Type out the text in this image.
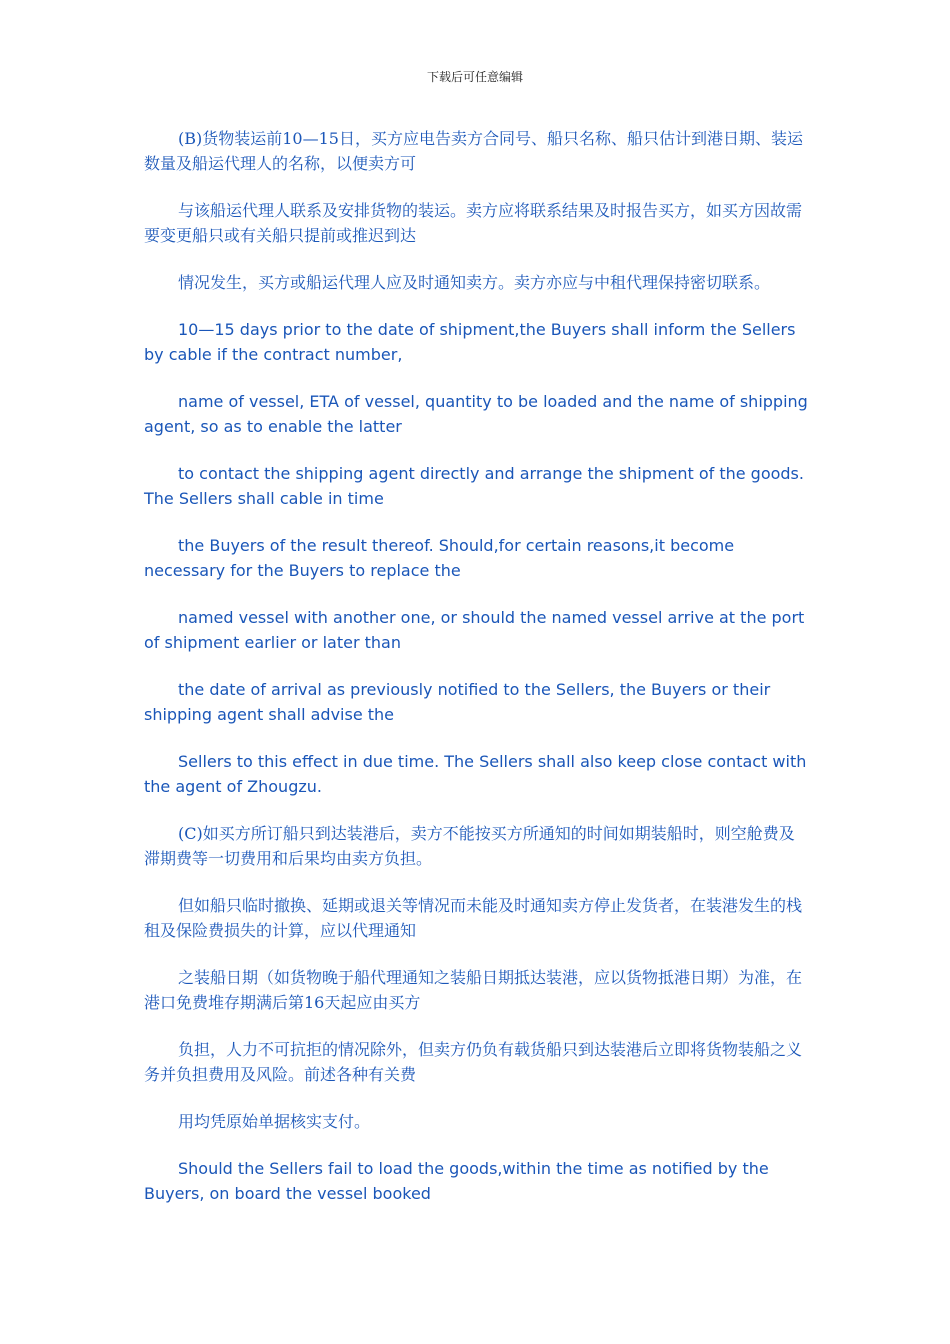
下载后可任意编辑

(B)货物装运前10—15日，买方应电告卖方合同号、船只名称、船只估计到港日期、装运数量及船运代理人的名称，以便卖方可

与该船运代理人联系及安排货物的装运。卖方应将联系结果及时报告买方，如买方因故需要变更船只或有关船只提前或推迟到达

情况发生，买方或船运代理人应及时通知卖方。卖方亦应与中租代理保持密切联系。

10—15 days prior to the date of shipment,the Buyers shall inform the Sellers by cable if the contract number,

name of vessel, ETA of vessel, quantity to be loaded and the name of shipping agent, so as to enable the latter

to contact the shipping agent directly and arrange the shipment of the goods. The Sellers shall cable in time

the Buyers of the result thereof. Should,for certain reasons,it become necessary for the Buyers to replace the

named vessel with another one, or should the named vessel arrive at the port of shipment earlier or later than

the date of arrival as previously notified to the Sellers, the Buyers or their shipping agent shall advise the

Sellers to this effect in due time. The Sellers shall also keep close contact with the agent of Zhougzu.

(C)如买方所订船只到达装港后，卖方不能按买方所通知的时间如期装船时，则空舱费及滞期费等一切费用和后果均由卖方负担。

但如船只临时撤换、延期或退关等情况而未能及时通知卖方停止发货者，在装港发生的栈租及保险费损失的计算，应以代理通知

之装船日期（如货物晚于船代理通知之装船日期抵达装港，应以货物抵港日期）为准，在港口免费堆存期满后第16天起应由买方

负担，人力不可抗拒的情况除外，但卖方仍负有载货船只到达装港后立即将货物装船之义务并负担费用及风险。前述各种有关费

用均凭原始单据核实支付。

Should the Sellers fail to load the goods,within the time as notified by the Buyers, on board the vessel booked
